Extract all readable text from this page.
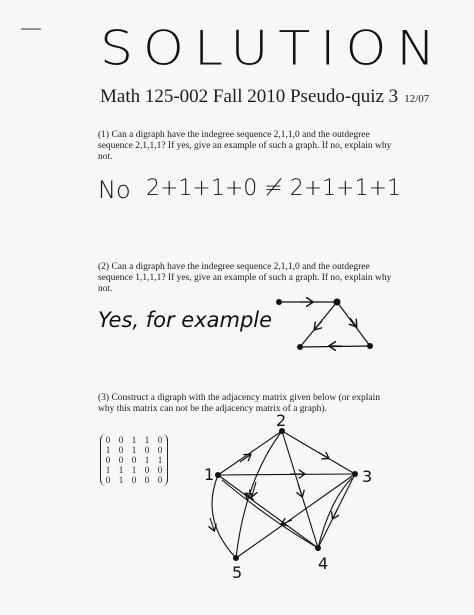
— SOLUTION
Math 125-002 Fall 2010 Pseudo-quiz 3 12/07
(1) Can a digraph have the indegree sequence 2,1,1,0 and the outdegree sequence 2,1,1,1? If yes, give an example of such a graph. If no, explain why not.
No 2+1+1+0 ≠ 2+1+1+1
(2) Can a digraph have the indegree sequence 2,1,1,0 and the outdegree sequence 1,1,1,1? If yes, give an example of such a graph. If no, explain why not.
Yes, for example
1
2
3
4
5
(3) Construct a digraph with the adjacency matrix given below (or explain why this matrix can not be the adjacency matrix of a graph).
0 0 1 1 0
1 0 1 0 0
0 0 0 1 1
1 1 1 0 0
0 1 0 0 0
